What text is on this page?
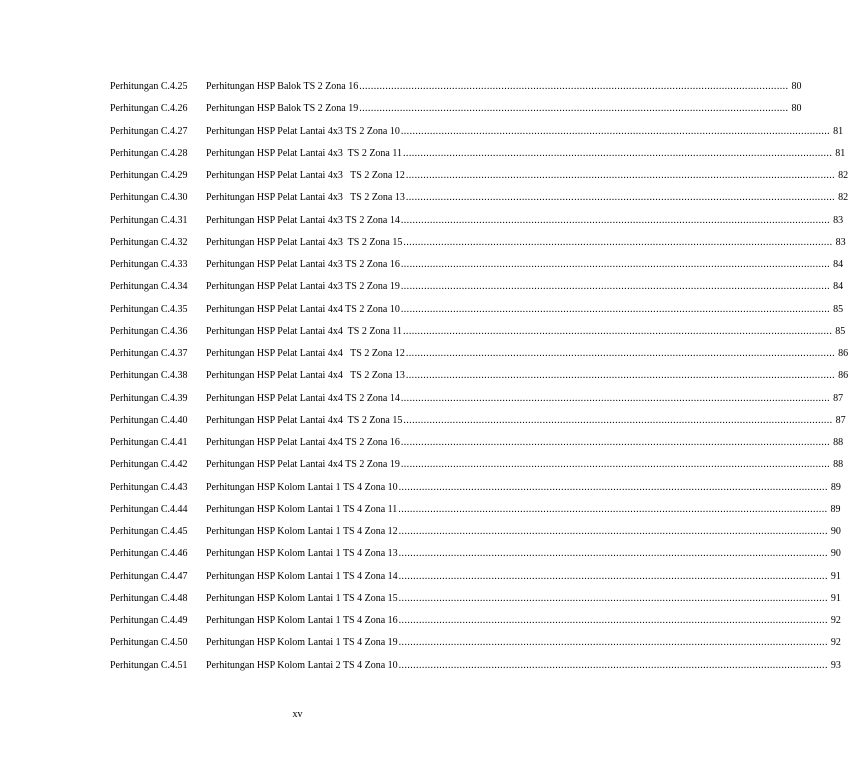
Perhitungan C.4.25	Perhitungan HSP Balok TS 2 Zona 16 .....	80
Perhitungan C.4.26	Perhitungan HSP Balok TS 2 Zona 19 .....	80
Perhitungan C.4.27	Perhitungan HSP Pelat Lantai 4x3 TS 2 Zona 10 .....	81
Perhitungan C.4.28	Perhitungan HSP Pelat Lantai 4x3  TS 2 Zona 11 .....	81
Perhitungan C.4.29	Perhitungan HSP Pelat Lantai 4x3   TS 2 Zona 12 .....	82
Perhitungan C.4.30	Perhitungan HSP Pelat Lantai 4x3   TS 2 Zona 13 .....	82
Perhitungan C.4.31	Perhitungan HSP Pelat Lantai 4x3 TS 2 Zona 14 .....	83
Perhitungan C.4.32	Perhitungan HSP Pelat Lantai 4x3  TS 2 Zona 15 .....	83
Perhitungan C.4.33	Perhitungan HSP Pelat Lantai 4x3 TS 2 Zona 16 .....	84
Perhitungan C.4.34	Perhitungan HSP Pelat Lantai 4x3 TS 2 Zona 19 .....	84
Perhitungan C.4.35	Perhitungan HSP Pelat Lantai 4x4 TS 2 Zona 10 .....	85
Perhitungan C.4.36	Perhitungan HSP Pelat Lantai 4x4  TS 2 Zona 11 .....	85
Perhitungan C.4.37	Perhitungan HSP Pelat Lantai 4x4   TS 2 Zona 12 .....	86
Perhitungan C.4.38	Perhitungan HSP Pelat Lantai 4x4   TS 2 Zona 13 .....	86
Perhitungan C.4.39	Perhitungan HSP Pelat Lantai 4x4 TS 2 Zona 14 .....	87
Perhitungan C.4.40	Perhitungan HSP Pelat Lantai 4x4  TS 2 Zona 15 .....	87
Perhitungan C.4.41	Perhitungan HSP Pelat Lantai 4x4 TS 2 Zona 16 .....	88
Perhitungan C.4.42	Perhitungan HSP Pelat Lantai 4x4 TS 2 Zona 19 .....	88
Perhitungan C.4.43	Perhitungan HSP Kolom Lantai 1 TS 4 Zona 10 .....	89
Perhitungan C.4.44	Perhitungan HSP Kolom Lantai 1 TS 4 Zona 11 .....	89
Perhitungan C.4.45	Perhitungan HSP Kolom Lantai 1 TS 4 Zona 12 .....	90
Perhitungan C.4.46	Perhitungan HSP Kolom Lantai 1 TS 4 Zona 13 .....	90
Perhitungan C.4.47	Perhitungan HSP Kolom Lantai 1 TS 4 Zona 14 .....	91
Perhitungan C.4.48	Perhitungan HSP Kolom Lantai 1 TS 4 Zona 15 .....	91
Perhitungan C.4.49	Perhitungan HSP Kolom Lantai 1 TS 4 Zona 16 .....	92
Perhitungan C.4.50	Perhitungan HSP Kolom Lantai 1 TS 4 Zona 19 .....	92
Perhitungan C.4.51	Perhitungan HSP Kolom Lantai 2 TS 4 Zona 10 .....	93
xv
